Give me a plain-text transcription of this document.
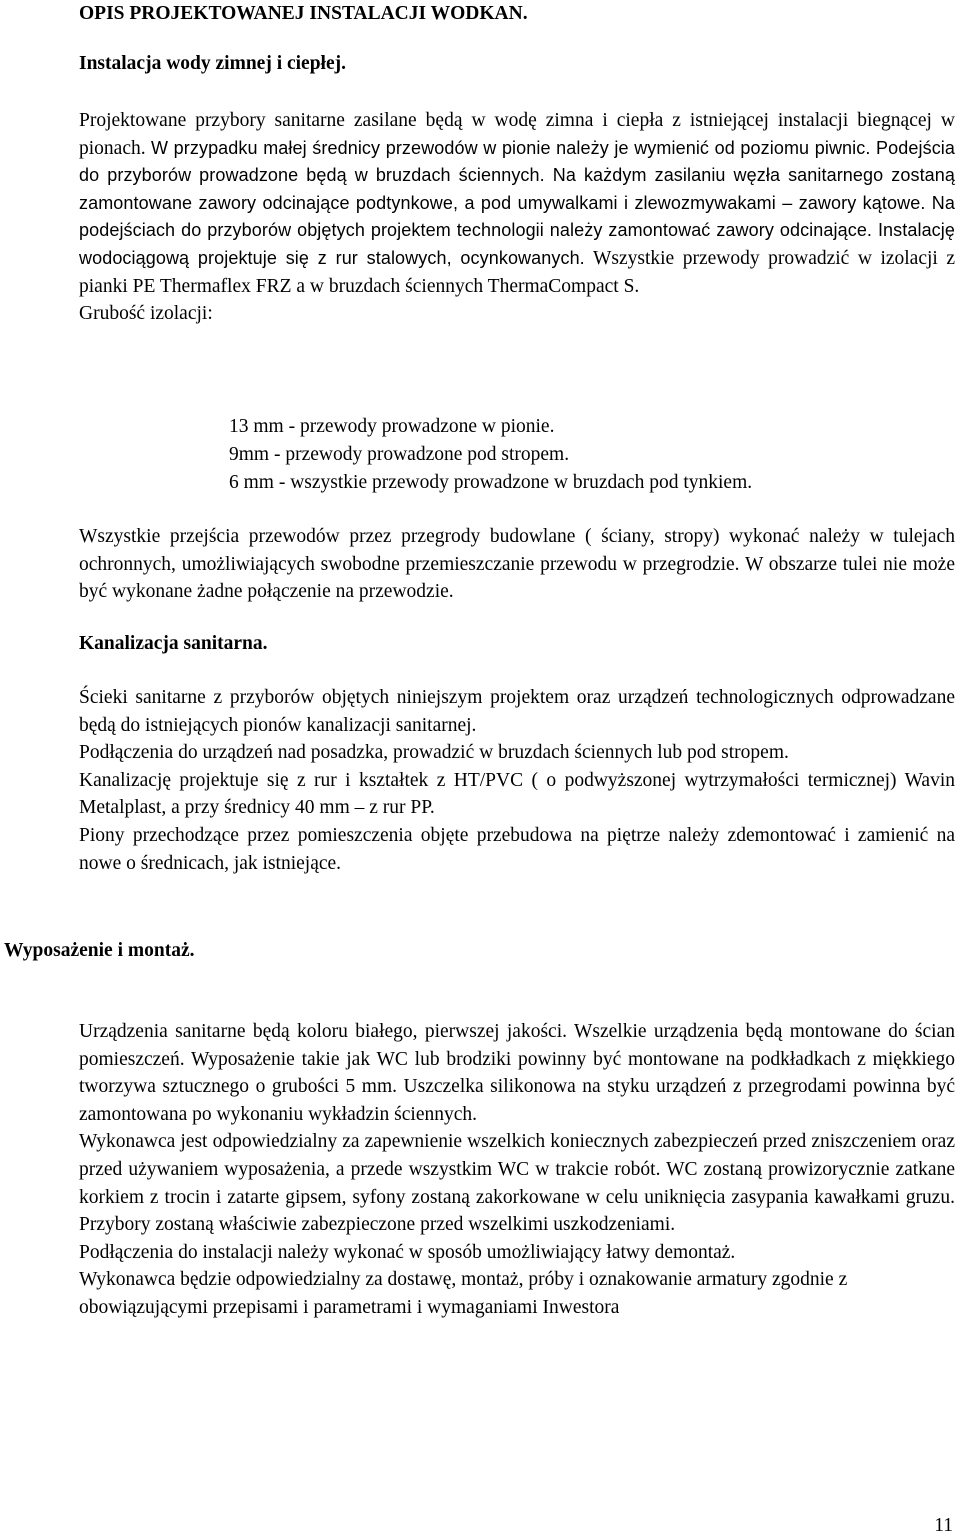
OPIS PROJEKTOWANEJ INSTALACJI WODKAN.
Instalacja wody zimnej i ciepłej.
Projektowane przybory sanitarne zasilane będą w wodę zimna i ciepła z istniejącej instalacji biegnącej w pionach. W przypadku małej średnicy przewodów w pionie należy je wymienić od poziomu piwnic. Podejścia do przyborów prowadzone będą w bruzdach ściennych. Na każdym zasilaniu węzła sanitarnego zostaną zamontowane zawory odcinające podtynkowe, a pod umywalkami i zlewozmywakami – zawory kątowe. Na podejściach do przyborów objętych projektem technologii należy zamontować zawory odcinające. Instalację wodociągową projektuje się z rur stalowych, ocynkowanych. Wszystkie przewody prowadzić w izolacji z pianki PE Thermaflex FRZ a w bruzdach ściennych ThermaCompact S.
Grubość izolacji:
13 mm - przewody prowadzone w pionie.
9mm - przewody prowadzone pod stropem.
6 mm - wszystkie przewody prowadzone w bruzdach pod tynkiem.
Wszystkie przejścia przewodów przez przegrody budowlane ( ściany, stropy) wykonać należy w tulejach ochronnych, umożliwiających swobodne przemieszczanie przewodu w przegrodzie. W obszarze tulei nie może być wykonane żadne połączenie na przewodzie.
Kanalizacja sanitarna.
Ścieki sanitarne z przyborów objętych niniejszym projektem oraz urządzeń technologicznych odprowadzane będą do istniejących pionów kanalizacji sanitarnej.
Podłączenia do urządzeń nad posadzka, prowadzić w bruzdach ściennych lub pod stropem.
Kanalizację projektuje się z rur i kształtek z HT/PVC ( o podwyższonej wytrzymałości termicznej) Wavin Metalplast, a przy średnicy 40 mm – z rur PP.
Piony przechodzące przez pomieszczenia objęte przebudowa na piętrze należy zdemontować i zamienić na nowe o średnicach, jak istniejące.
Wyposażenie i montaż.
Urządzenia sanitarne będą koloru białego, pierwszej jakości. Wszelkie urządzenia będą montowane do ścian pomieszczeń. Wyposażenie takie jak WC lub brodziki powinny być montowane na podkładkach z miękkiego tworzywa sztucznego o grubości 5 mm. Uszczelka silikonowa na styku urządzeń z przegrodami powinna być zamontowana po wykonaniu wykładzin ściennych.
Wykonawca jest odpowiedzialny za zapewnienie wszelkich koniecznych zabezpieczeń przed zniszczeniem oraz przed używaniem wyposażenia, a przede wszystkim WC w trakcie robót. WC zostaną prowizorycznie zatkane korkiem z trocin i zatarte gipsem, syfony zostaną zakorkowane w celu uniknięcia zasypania kawałkami gruzu. Przybory zostaną właściwie zabezpieczone przed wszelkimi uszkodzeniami.
Podłączenia do instalacji należy wykonać w sposób umożliwiający łatwy demontaż.
Wykonawca będzie odpowiedzialny za dostawę, montaż, próby i oznakowanie armatury zgodnie z obowiązującymi przepisami i parametrami i wymaganiami Inwestora
11
